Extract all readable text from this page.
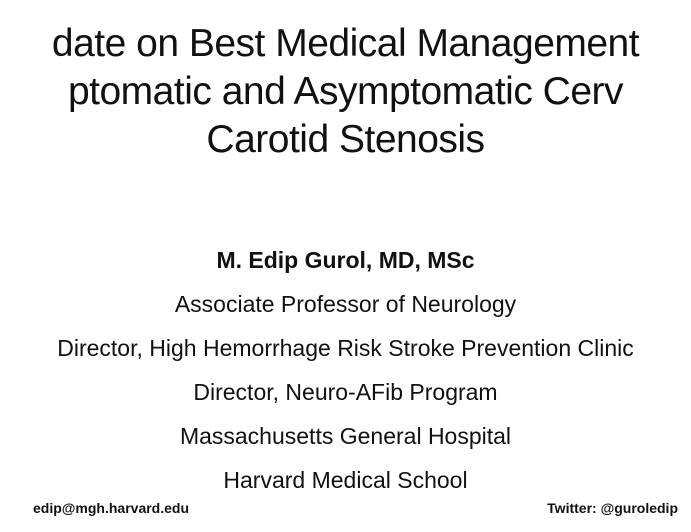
date on Best Medical Management
ptomatic and Asymptomatic Cerv
Carotid Stenosis
M. Edip Gurol, MD, MSc
Associate Professor of Neurology
Director, High Hemorrhage Risk Stroke Prevention Clinic
Director, Neuro-AFib Program
Massachusetts General Hospital
Harvard Medical School
edip@mgh.harvard.edu	Twitter: @guroledip
